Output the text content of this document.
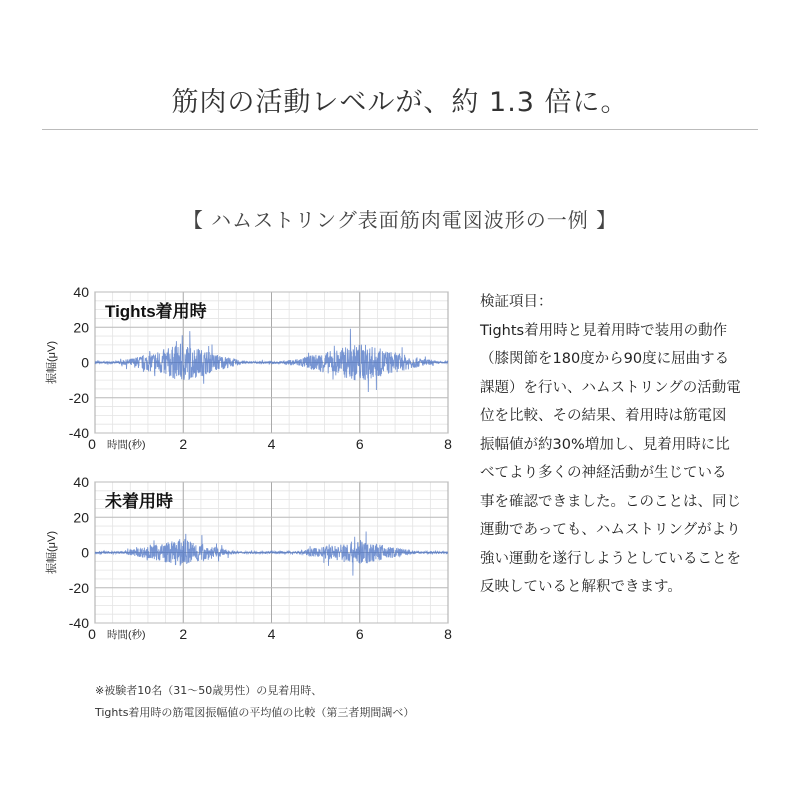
筋肉の活動レベルが、約 1.3 倍に。
【 ハムストリング表面筋肉電図波形の一例 】
40
20
0
-20
-40
0	2	4	6	8
時間(秒)
振幅(μV)
Tights着用時
40
20
0
-20
-40
0	2	4	6	8
時間(秒)
振幅(μV)
未着用時
検証項目：
Tights着用時と見着用時で装用の動作
（膝関節を180度から90度に屈曲する
課題）を行い、ハムストリングの活動電
位を比較、その結果、着用時は筋電図
振幅値が約30%増加し、見着用時に比
べてより多くの神経活動が生じている
事を確認できました。このことは、同じ
運動であっても、ハムストリングがより
強い運動を遂行しようとしていることを
反映していると解釈できます。
※被験者10名（31〜50歳男性）の見着用時、
Tights着用時の筋電図振幅値の平均値の比較（第三者期間調べ）
